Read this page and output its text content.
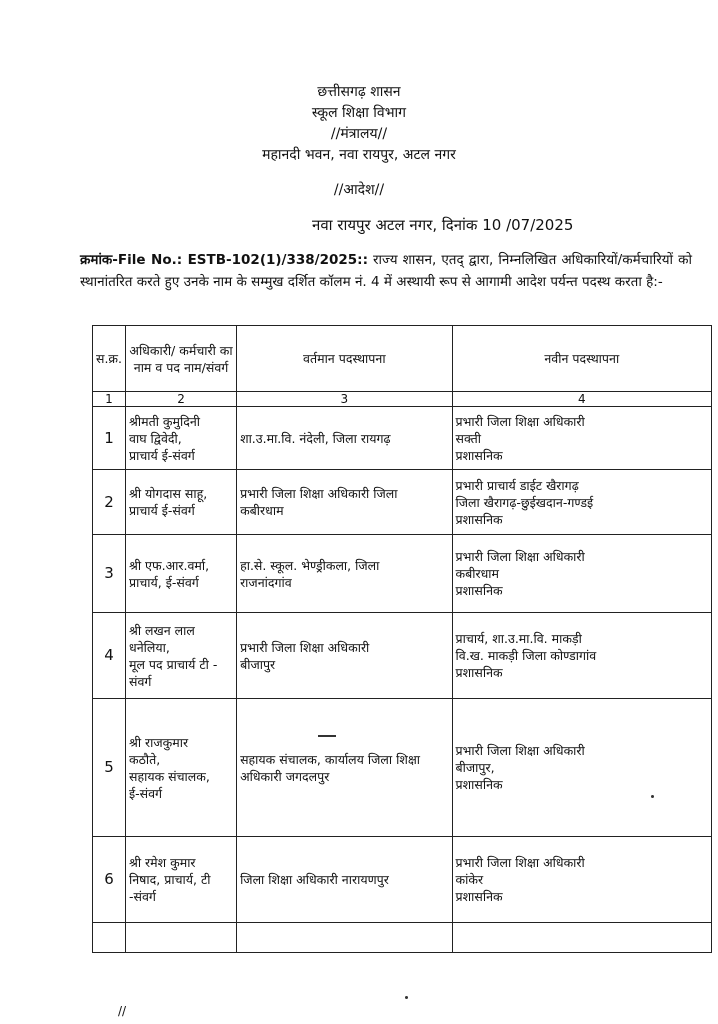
छत्तीसगढ़ शासन
स्कूल शिक्षा विभाग
//मंत्रालय//
महानदी भवन, नवा रायपुर, अटल नगर
//आदेश//
नवा रायपुर अटल नगर, दिनांक 10 /07/2025
क्रमांक-File No.: ESTB-102(1)/338/2025:: राज्य शासन, एतद् द्वारा, निम्नलिखित अधिकारियों/कर्मचारियों को स्थानांतरित करते हुए उनके नाम के सम्मुख दर्शित कॉलम नं. 4 में अस्थायी रूप से आगामी आदेश पर्यन्त पदस्थ करता है:-
स.क्र.	अधिकारी/ कर्मचारी का नाम व पद नाम/संवर्ग	वर्तमान पदस्थापना	नवीन पदस्थापना
1	2	3	4
1	श्रीमती कुमुदिनी
वाघ द्विवेदी,
प्राचार्य ई-संवर्ग	शा.उ.मा.वि. नंदेली, जिला रायगढ़	प्रभारी जिला शिक्षा अधिकारी
सक्ती
प्रशासनिक

2	श्री योगदास साहू,
प्राचार्य ई-संवर्ग	प्रभारी जिला शिक्षा अधिकारी जिला
कबीरधाम	प्रभारी प्राचार्य डाईट खैरागढ़
जिला खैरागढ़-छुईखदान-गण्डई
प्रशासनिक

3	श्री एफ.आर.वर्मा,
प्राचार्य, ई-संवर्ग	हा.से. स्कूल. भेण्ड्रीकला, जिला
राजनांदगांव	प्रभारी जिला शिक्षा अधिकारी
कबीरधाम
प्रशासनिक

4	श्री लखन लाल
धनेलिया,
मूल पद प्राचार्य टी -
संवर्ग	प्रभारी जिला शिक्षा अधिकारी
बीजापुर	प्राचार्य, शा.उ.मा.वि. माकड़ी
वि.ख. माकड़ी जिला कोण्डागांव
प्रशासनिक

5	श्री राजकुमार
कठौते,
सहायक संचालक,
ई-संवर्ग	सहायक संचालक, कार्यालय जिला शिक्षा
अधिकारी जगदलपुर	प्रभारी जिला शिक्षा अधिकारी
बीजापुर,
प्रशासनिक

6	श्री रमेश कुमार
निषाद, प्राचार्य, टी
-संवर्ग	जिला शिक्षा अधिकारी नारायणपुर	प्रभारी जिला शिक्षा अधिकारी
कांकेर
प्रशासनिक

//
